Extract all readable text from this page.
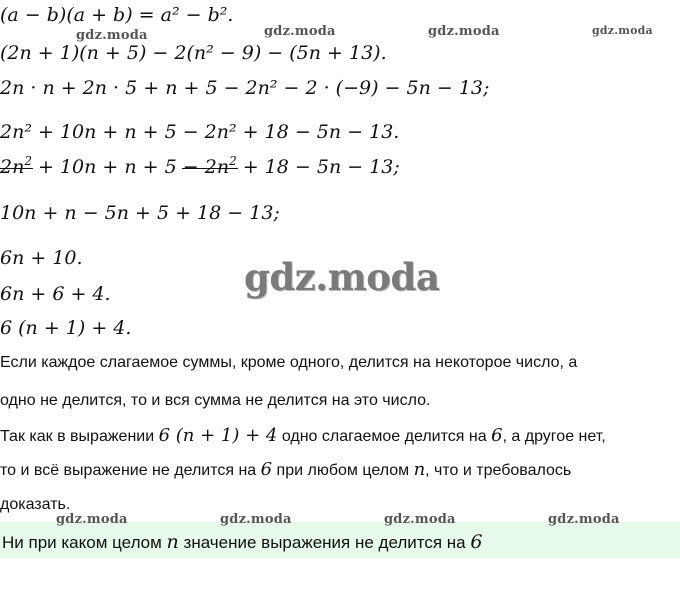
gdz.moda	gdz.moda	gdz.moda	gdz.moda
gdz.moda
(a − b)(a + b) = a² − b².
(2n + 1)(n + 5) − 2(n² − 9) − (5n + 13).
2n · n + 2n · 5 + n + 5 − 2n² − 2 · (−9) − 5n − 13;
2n² + 10n + n + 5 − 2n² + 18 − 5n − 13.
$2n^2 + 10n + n + 5 - 2n^2 + 18 - 5n - 13$;
10n + n − 5n + 5 + 18 − 13;
6n + 10.
6n + 6 + 4.
6 (n + 1) + 4.
Если каждое слагаемое суммы, кроме одного, делится на некоторое число, а
одно не делится, то и вся сумма не делится на это число.
Так как в выражении 6 (n + 1) + 4 одно слагаемое делится на 6, а другое нет,
то и всё выражение не делится на 6 при любом целом n, что и требовалось
доказать.
gdz.moda	gdz.moda	gdz.moda	gdz.moda
Ни при каком целом n значение выражения не делится на 6
